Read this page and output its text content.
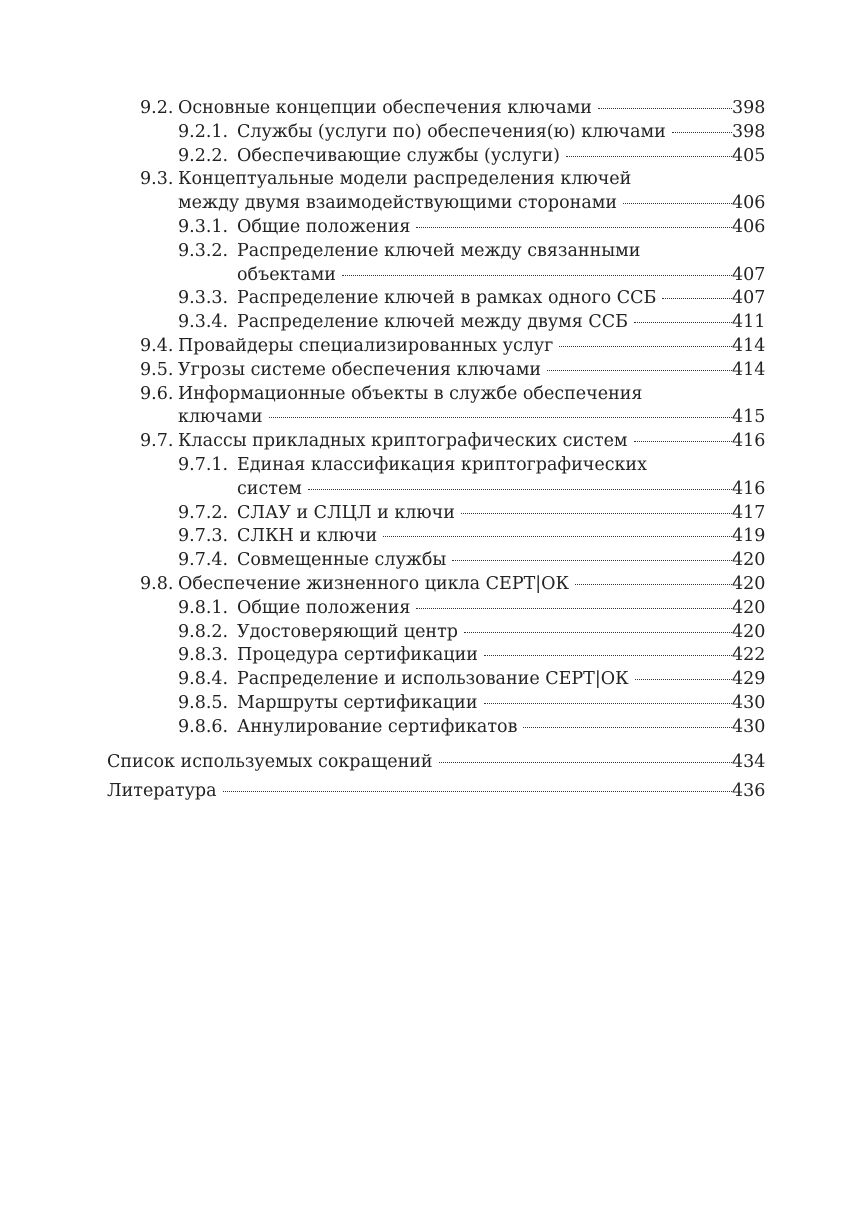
9.2. Основные концепции обеспечения ключами	398
9.2.1. Службы (услуги по) обеспечения(ю) ключами	398
9.2.2. Обеспечивающие службы (услуги)	405
9.3. Концептуальные модели распределения ключей
между двумя взаимодействующими сторонами	406
9.3.1. Общие положения	406
9.3.2. Распределение ключей между связанными
объектами	407
9.3.3. Распределение ключей в рамках одного ССБ	407
9.3.4. Распределение ключей между двумя ССБ	411
9.4. Провайдеры специализированных услуг	414
9.5. Угрозы системе обеспечения ключами	414
9.6. Информационные объекты в службе обеспечения
ключами	415
9.7. Классы прикладных криптографических систем	416
9.7.1. Единая классификация криптографических
систем	416
9.7.2. СЛАУ и СЛЦЛ и ключи	417
9.7.3. СЛКН и ключи	419
9.7.4. Совмещенные службы	420
9.8. Обеспечение жизненного цикла СЕРТ|ОК	420
9.8.1. Общие положения	420
9.8.2. Удостоверяющий центр	420
9.8.3. Процедура сертификации	422
9.8.4. Распределение и использование СЕРТ|ОК	429
9.8.5. Маршруты сертификации	430
9.8.6. Аннулирование сертификатов	430
Список используемых сокращений	434
Литература	436
